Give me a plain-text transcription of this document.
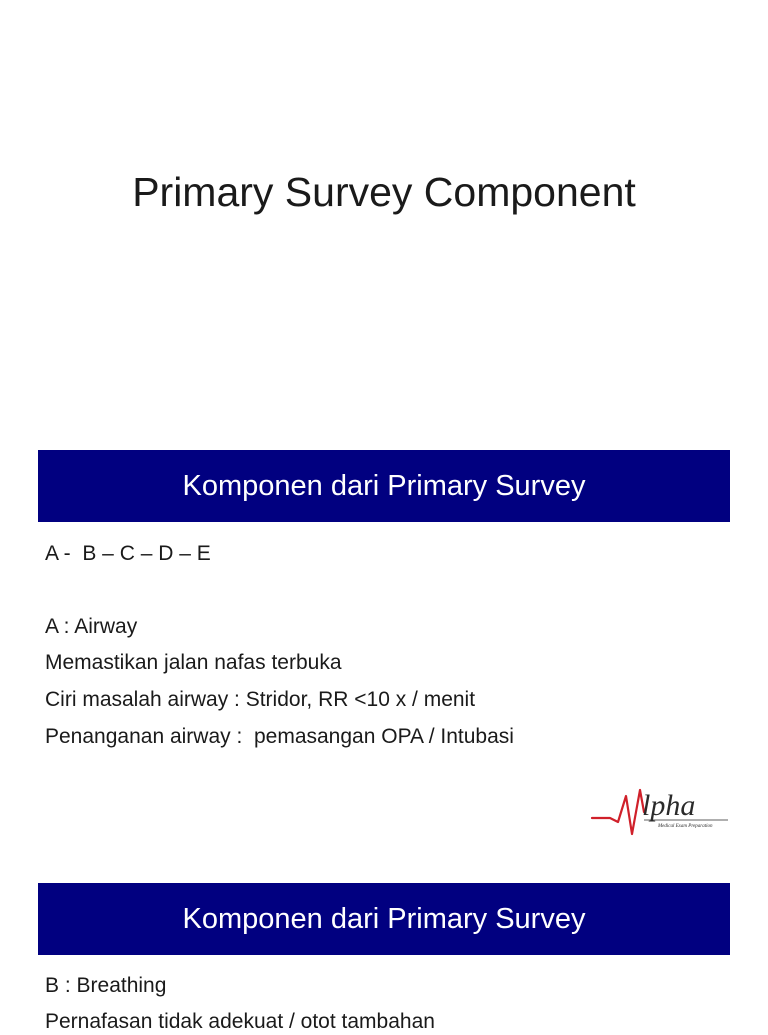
Primary Survey Component
Komponen dari Primary Survey
A -  B – C – D – E
A : Airway
Memastikan jalan nafas terbuka
Ciri masalah airway : Stridor, RR <10 x / menit
Penanganan airway :  pemasangan OPA / Intubasi
lpha
Medical Exam Preparation
Komponen dari Primary Survey
B : Breathing
Pernafasan tidak adekuat / otot tambahan
